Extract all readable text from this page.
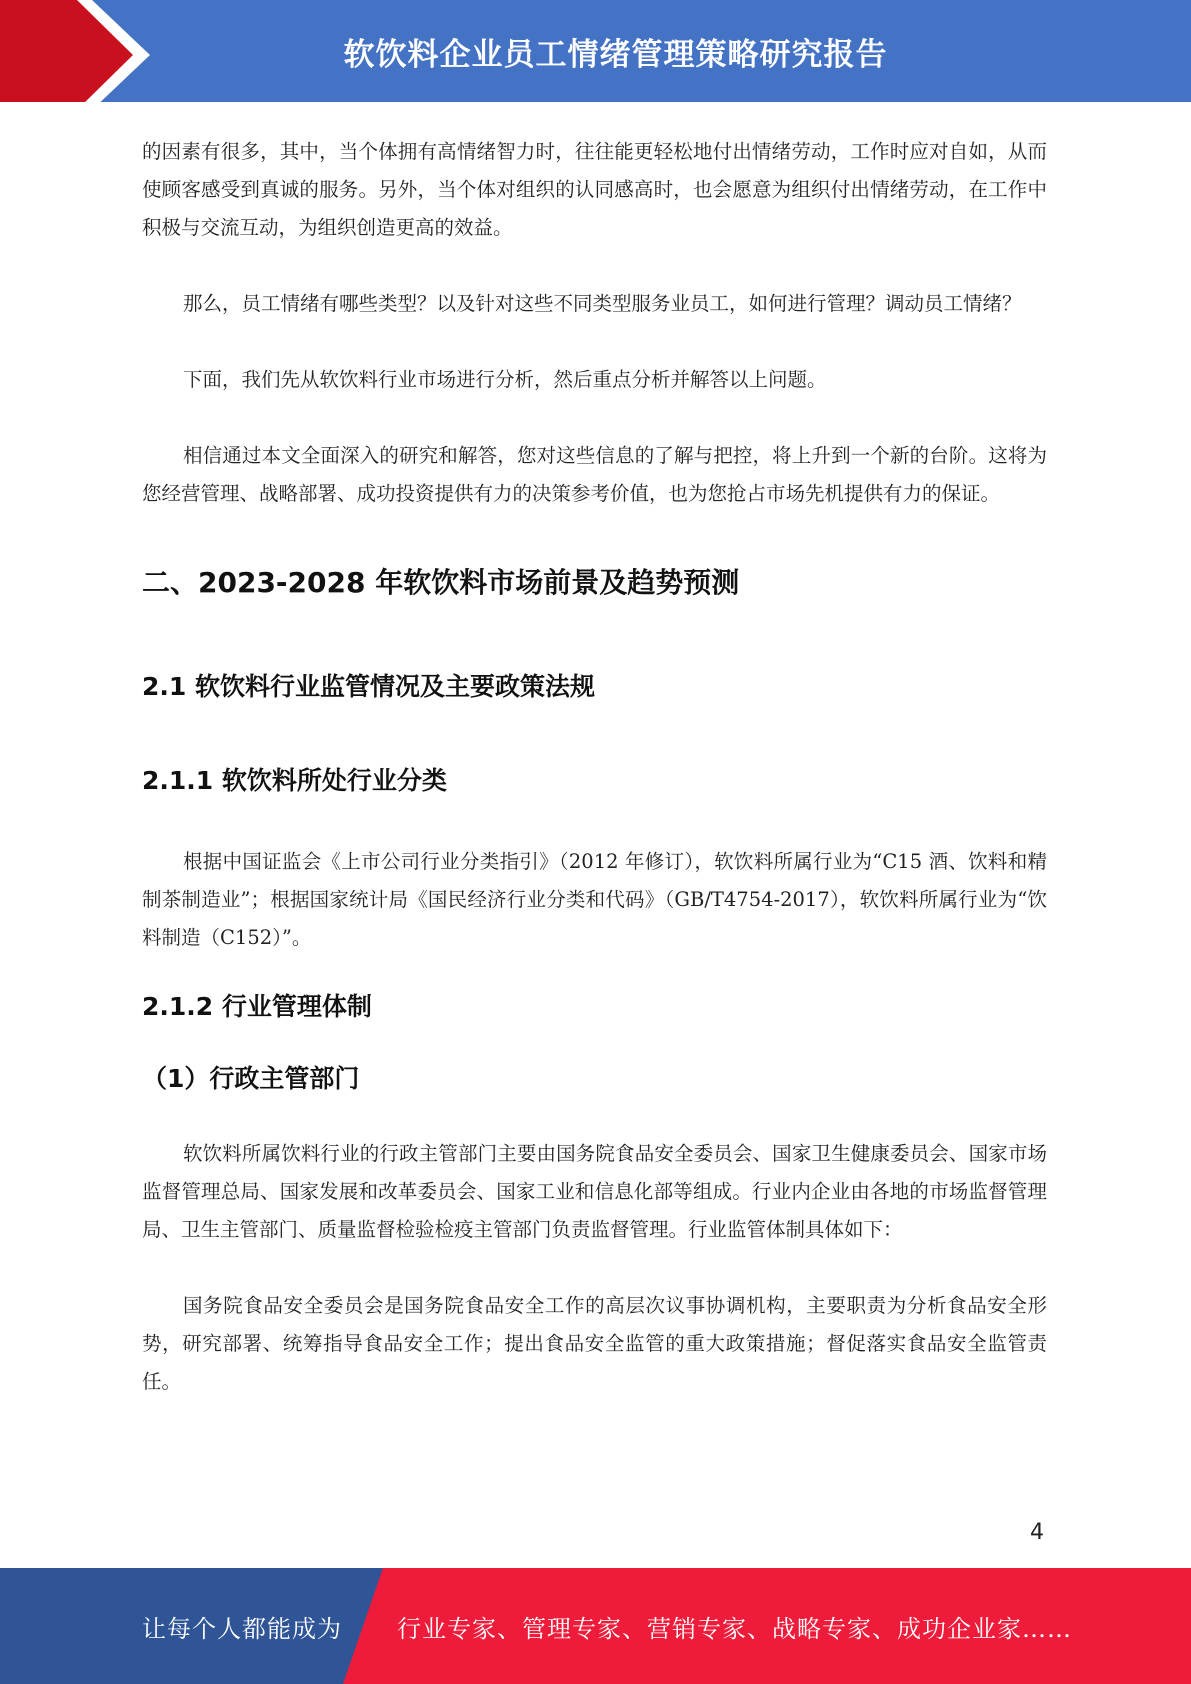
软饮料企业员工情绪管理策略研究报告

的因素有很多，其中，当个体拥有高情绪智力时，往往能更轻松地付出情绪劳动，工作时应对自如，从而使顾客感受到真诚的服务。另外，当个体对组织的认同感高时，也会愿意为组织付出情绪劳动，在工作中积极与交流互动，为组织创造更高的效益。

那么，员工情绪有哪些类型？以及针对这些不同类型服务业员工，如何进行管理？调动员工情绪？

下面，我们先从软饮料行业市场进行分析，然后重点分析并解答以上问题。

相信通过本文全面深入的研究和解答，您对这些信息的了解与把控，将上升到一个新的台阶。这将为您经营管理、战略部署、成功投资提供有力的决策参考价值，也为您抢占市场先机提供有力的保证。

二、2023-2028 年软饮料市场前景及趋势预测
2.1 软饮料行业监管情况及主要政策法规
2.1.1 软饮料所处行业分类

根据中国证监会《上市公司行业分类指引》（2012 年修订），软饮料所属行业为“C15 酒、饮料和精制茶制造业”；根据国家统计局《国民经济行业分类和代码》（GB/T4754-2017），软饮料所属行业为“饮料制造（C152）”。

2.1.2 行业管理体制
（1）行政主管部门

软饮料所属饮料行业的行政主管部门主要由国务院食品安全委员会、国家卫生健康委员会、国家市场监督管理总局、国家发展和改革委员会、国家工业和信息化部等组成。行业内企业由各地的市场监督管理局、卫生主管部门、质量监督检验检疫主管部门负责监督管理。行业监管体制具体如下：

国务院食品安全委员会是国务院食品安全工作的高层次议事协调机构，主要职责为分析食品安全形势，研究部署、统筹指导食品安全工作；提出食品安全监管的重大政策措施；督促落实食品安全监管责任。

4
让每个人都能成为 行业专家、管理专家、营销专家、战略专家、成功企业家……
